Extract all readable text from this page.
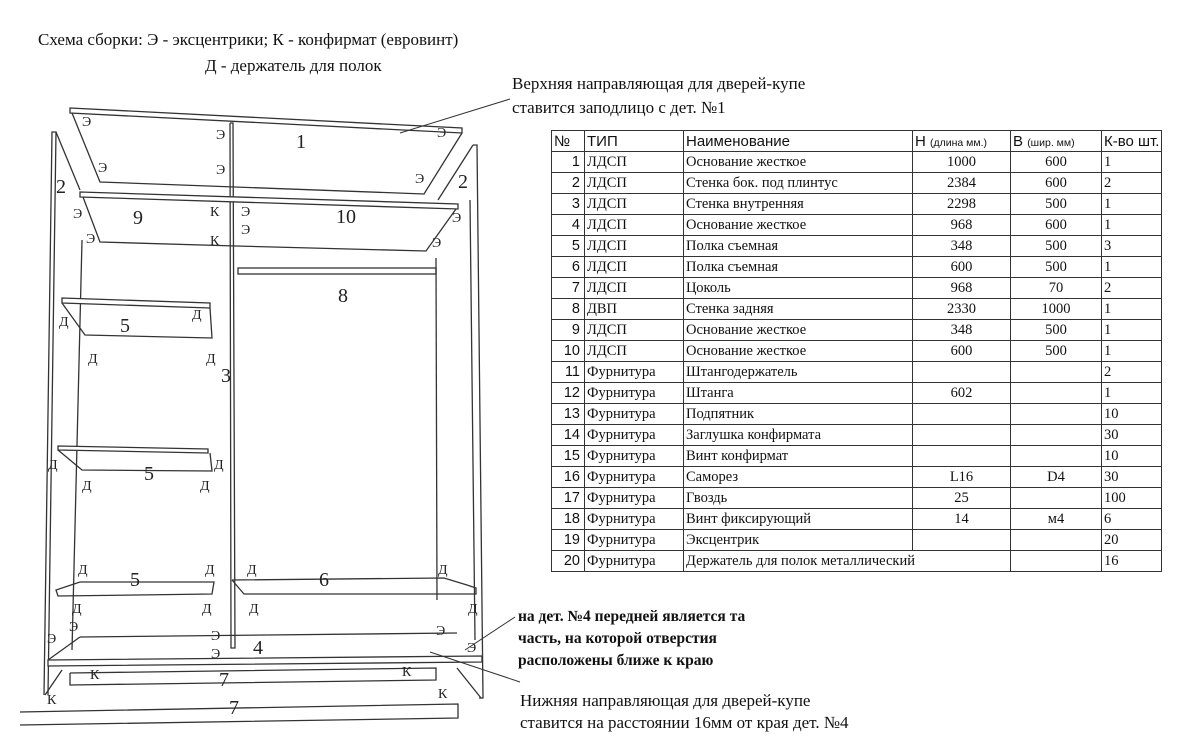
Схема сборки: Э - эксцентрики; К - конфирмат (евровинт)
Д - держатель для полок
Верхняя направляющая для дверей-купе
ставится заподлицо с дет. №1
на дет. №4 передней является та
часть, на которой отверстия
расположены ближе к краю
Нижняя направляющая для дверей-купе
ставится на расстоянии 16мм от края дет. №4
1
2	2
3
4
5
5
5	6
7
7
8
9	10
Э
Э	Э
Э	Э
Э
Э
Э
Э
Э
Э
Э
Э
Э
Э
Э
Э
Э
К
К
К	К
К	К
Д	Д
Д	Д
Д	Д
Д	Д
Д	Д Д	Д
Д	Д	Д	Д
№	ТИП	Наименование	H (длина мм.)	B (шир. мм)	К-во шт.
1	ЛДСП	Основание жесткое	1000	600	1
2	ЛДСП	Стенка бок. под плинтус	2384	600	2
3	ЛДСП	Стенка внутренняя	2298	500	1
4	ЛДСП	Основание жесткое	968	600	1
5	ЛДСП	Полка съемная	348	500	3
6	ЛДСП	Полка съемная	600	500	1
7	ЛДСП	Цоколь	968	70	2
8	ДВП	Стенка задняя	2330	1000	1
9	ЛДСП	Основание жесткое	348	500	1
10	ЛДСП	Основание жесткое	600	500	1
11	Фурнитура	Штангодержатель			2
12	Фурнитура	Штанга	602		1
13	Фурнитура	Подпятник			10
14	Фурнитура	Заглушка конфирмата			30
15	Фурнитура	Винт конфирмат			10
16	Фурнитура	Саморез	L16	D4	30
17	Фурнитура	Гвоздь	25		100
18	Фурнитура	Винт фиксирующий	14	м4	6
19	Фурнитура	Эксцентрик			20
20	Фурнитура	Держатель для полок металлический			16
